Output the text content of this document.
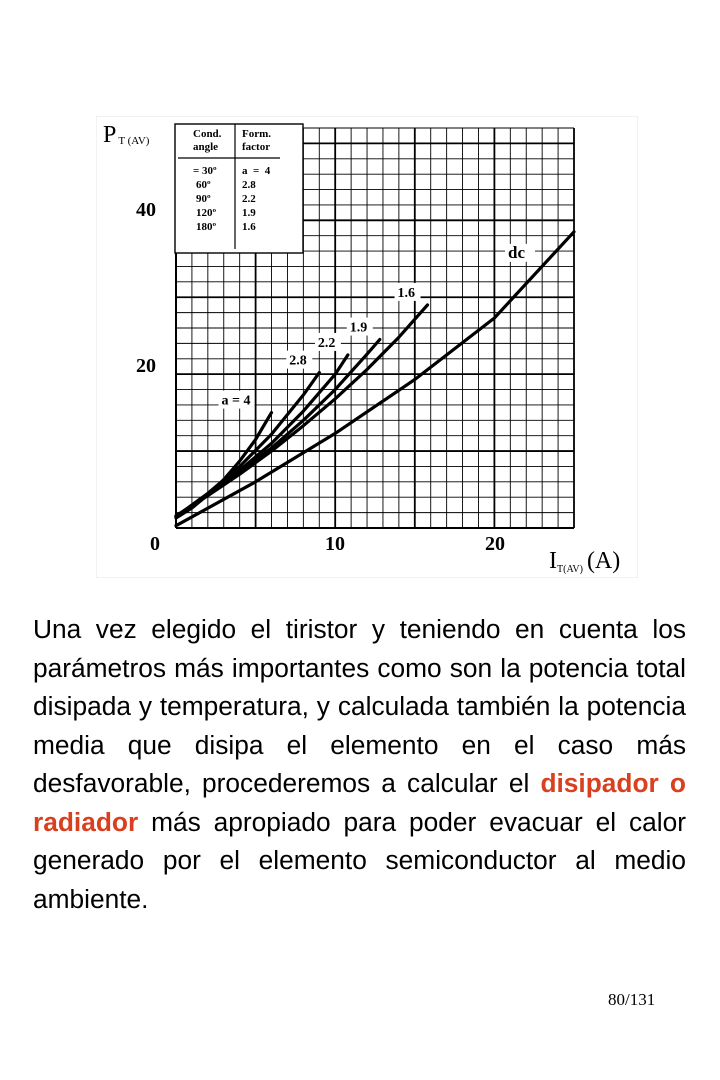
P T (AV)
IT(AV) (A)
40
20
0	10	20
a = 4
2.8
2.2
1.9
1.6
dc
Cond. angle Form. factor
= 30º 60º 90º 120º 180º a  =  4 2.8 2.2 1.9 1.6

Una vez elegido el tiristor y teniendo en cuenta los parámetros más importantes como son la potencia total disipada y temperatura, y calculada también la potencia media que disipa el elemento en el caso más desfavorable, procederemos a calcular el disipador o radiador más apropiado para poder evacuar el calor generado por el elemento semiconductor al medio ambiente.

80/131
